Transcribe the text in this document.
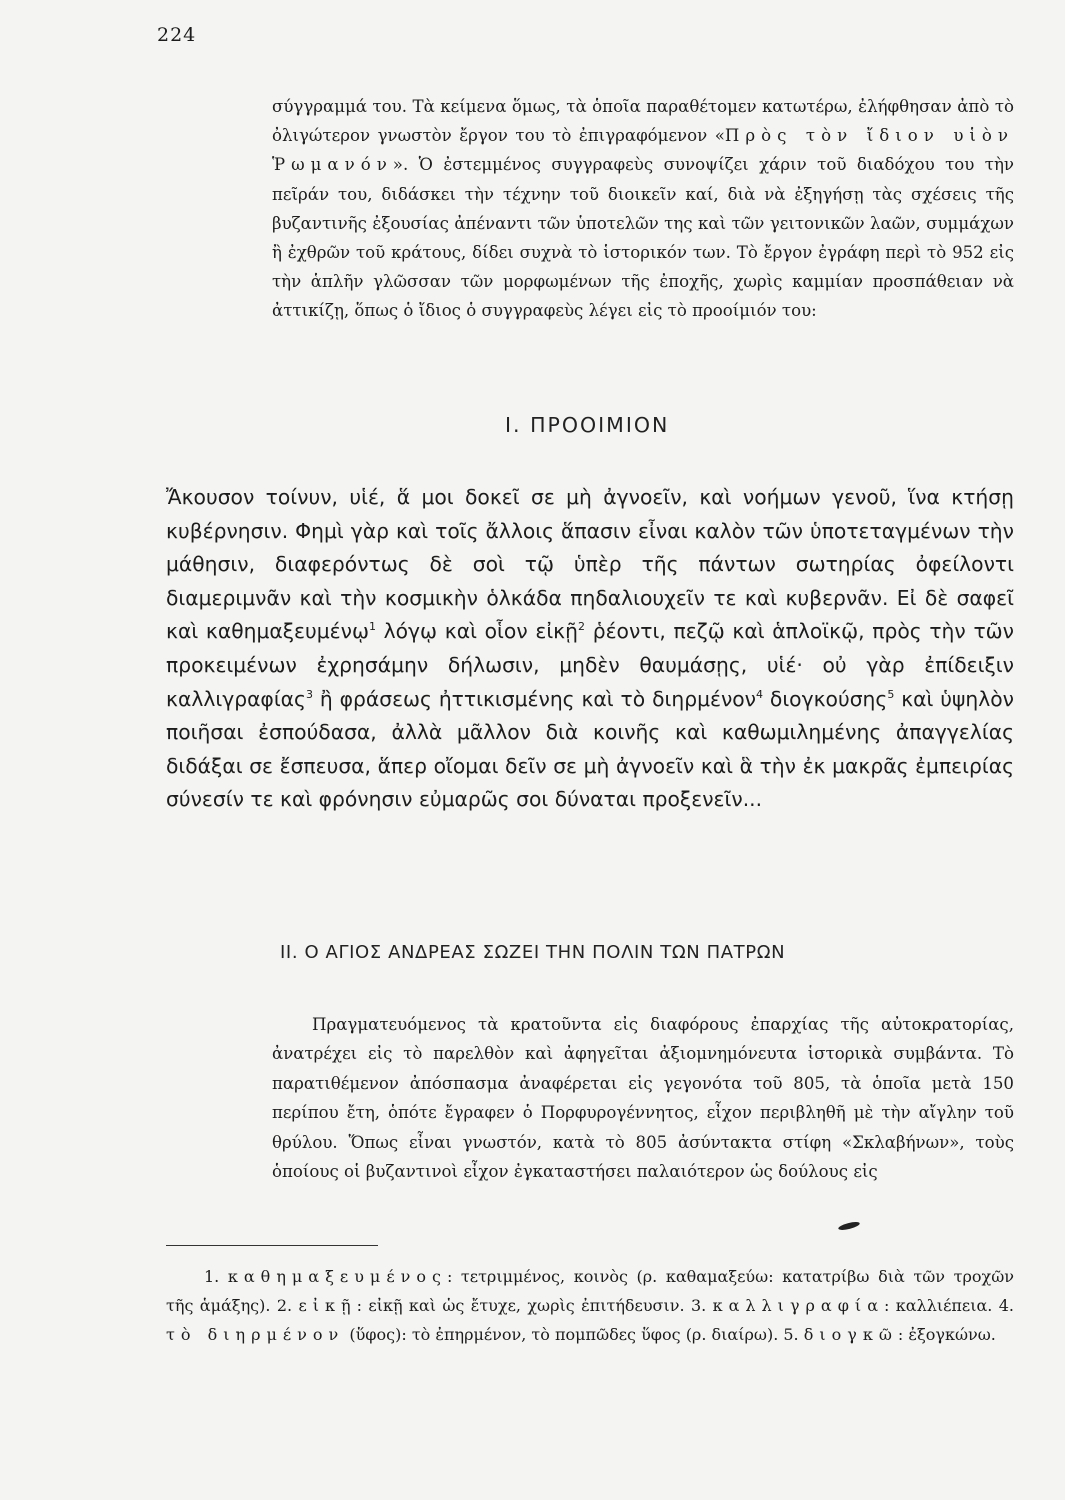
224
σύγγραμμά του. Τὰ κείμενα ὅμως, τὰ ὁποῖα παραθέτομεν κατωτέρω, ἐλήφθησαν ἀπὸ τὸ ὀλιγώτερον γνωστὸν ἔργον του τὸ ἐπιγραφόμενον «Πρὸς τὸν ἴδιον υἱὸν Ῥωμανόν». Ὁ ἐστεμμένος συγγραφεὺς συνοψίζει χάριν τοῦ διαδόχου του τὴν πεῖράν του, διδάσκει τὴν τέχνην τοῦ διοικεῖν καί, διὰ νὰ ἐξηγήσῃ τὰς σχέσεις τῆς βυζαντινῆς ἐξουσίας ἀπέναντι τῶν ὑποτελῶν της καὶ τῶν γειτονικῶν λαῶν, συμμάχων ἢ ἐχθρῶν τοῦ κράτους, δίδει συχνὰ τὸ ἱστορικόν των. Τὸ ἔργον ἐγράφη περὶ τὸ 952 εἰς τὴν ἁπλῆν γλῶσσαν τῶν μορφωμένων τῆς ἐποχῆς, χωρὶς καμμίαν προσπάθειαν νὰ ἀττικίζῃ, ὅπως ὁ ἴδιος ὁ συγγραφεὺς λέγει εἰς τὸ προοίμιόν του:
Ι. ΠΡΟΟΙΜΙΟΝ
Ἄκουσον τοίνυν, υἱέ, ἅ μοι δοκεῖ σε μὴ ἀγνοεῖν, καὶ νοήμων γενοῦ, ἵνα κτήσῃ κυβέρνησιν. Φημὶ γὰρ καὶ τοῖς ἄλλοις ἅπασιν εἶναι καλὸν τῶν ὑποτεταγμένων τὴν μάθησιν, διαφερόντως δὲ σοὶ τῷ ὑπὲρ τῆς πάντων σωτηρίας ὀφείλοντι διαμεριμνᾶν καὶ τὴν κοσμικὴν ὁλκάδα πηδαλιουχεῖν τε καὶ κυβερνᾶν. Εἰ δὲ σαφεῖ καὶ καθημαξευμένῳ$^1$ λόγῳ καὶ οἷον εἰκῇ$^2$ ῥέοντι, πεζῷ καὶ ἁπλοϊκῷ, πρὸς τὴν τῶν προκειμένων ἐχρησάμην δήλωσιν, μηδὲν θαυμάσῃς, υἱέ· οὐ γὰρ ἐπίδειξιν καλλιγραφίας$^3$ ἢ φράσεως ἠττικισμένης καὶ τὸ διηρμένον$^4$ διογκούσης$^5$ καὶ ὑψηλὸν ποιῆσαι ἐσπούδασα, ἀλλὰ μᾶλλον διὰ κοινῆς καὶ καθωμιλημένης ἀπαγγελίας διδάξαι σε ἔσπευσα, ἅπερ οἴομαι δεῖν σε μὴ ἀγνοεῖν καὶ ἃ τὴν ἐκ μακρᾶς ἐμπειρίας σύνεσίν τε καὶ φρόνησιν εὐμαρῶς σοι δύναται προξενεῖν...
ΙΙ. Ο ΑΓΙΟΣ ΑΝΔΡΕΑΣ ΣΩΖΕΙ ΤΗΝ ΠΟΛΙΝ ΤΩΝ ΠΑΤΡΩΝ
Πραγματευόμενος τὰ κρατοῦντα εἰς διαφόρους ἐπαρχίας τῆς αὐτοκρατορίας, ἀνατρέχει εἰς τὸ παρελθὸν καὶ ἀφηγεῖται ἀξιομνημόνευτα ἱστορικὰ συμβάντα. Τὸ παρατιθέμενον ἀπόσπασμα ἀναφέρεται εἰς γεγονότα τοῦ 805, τὰ ὁποῖα μετὰ 150 περίπου ἔτη, ὁπότε ἔγραφεν ὁ Πορφυρογέννητος, εἶχον περιβληθῆ μὲ τὴν αἴγλην τοῦ θρύλου. Ὅπως εἶναι γνωστόν, κατὰ τὸ 805 ἀσύντακτα στίφη «Σκλαβήνων», τοὺς ὁποίους οἱ βυζαντινοὶ εἶχον ἐγκαταστήσει παλαιότερον ὡς δούλους εἰς
1. καθημαξευμένος: τετριμμένος, κοινὸς (ρ. καθαμαξεύω: κατατρίβω διὰ τῶν τροχῶν τῆς ἁμάξης). 2. εἰκῇ: εἰκῇ καὶ ὡς ἔτυχε, χωρὶς ἐπιτήδευσιν. 3. καλλιγραφία: καλλιέπεια. 4. τὸ διηρμένον (ὕφος): τὸ ἐπηρμένον, τὸ πομπῶδες ὕφος (ρ. διαίρω). 5. διογκῶ: ἐξογκώνω.
